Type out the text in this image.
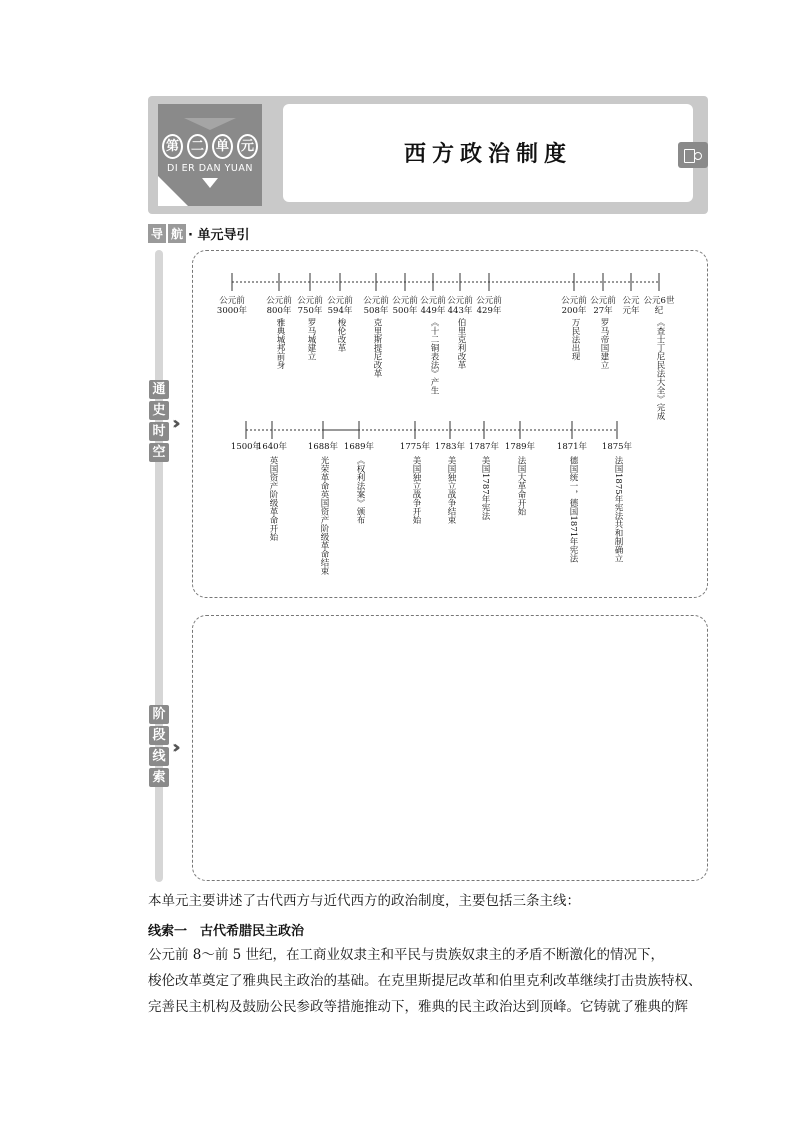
第 二 单 元
DI ER DAN YUAN
西方政治制度
导 航 · 单元导引
通
史
时
空
››
阶
段
线
索
››
公元前
3000年
公元前
800年
雅典城邦前身
公元前
750年
罗马城建立
公元前
594年
梭伦改革
公元前
508年
克里斯提尼改革
公元前
500年
公元前
449年
《十二铜表法》产生
公元前
443年
伯里克利改革
公元前
429年
公元前
200年
万民法出现
公元前
27年
罗马帝国建立
公元
元年
公元6世
纪
《查士丁尼民法大全》完成
1500年
1640年
英国资产阶级革命开始
1688年
光荣革命英国资产阶级革命结束
1689年
《权利法案》颁布
1775年
美国独立战争开始
1783年
美国独立战争结束
1787年
美国1787年宪法
1789年
法国大革命开始
1871年
德国统一，德国1871年宪法
1875年
法国1875年宪法共和制确立
本单元主要讲述了古代西方与近代西方的政治制度，主要包括三条主线：
线索一　古代希腊民主政治
公元前 8～前 5 世纪，在工商业奴隶主和平民与贵族奴隶主的矛盾不断激化的情况下，
梭伦改革奠定了雅典民主政治的基础。在克里斯提尼改革和伯里克利改革继续打击贵族特权、
完善民主机构及鼓励公民参政等措施推动下，雅典的民主政治达到顶峰。它铸就了雅典的辉
